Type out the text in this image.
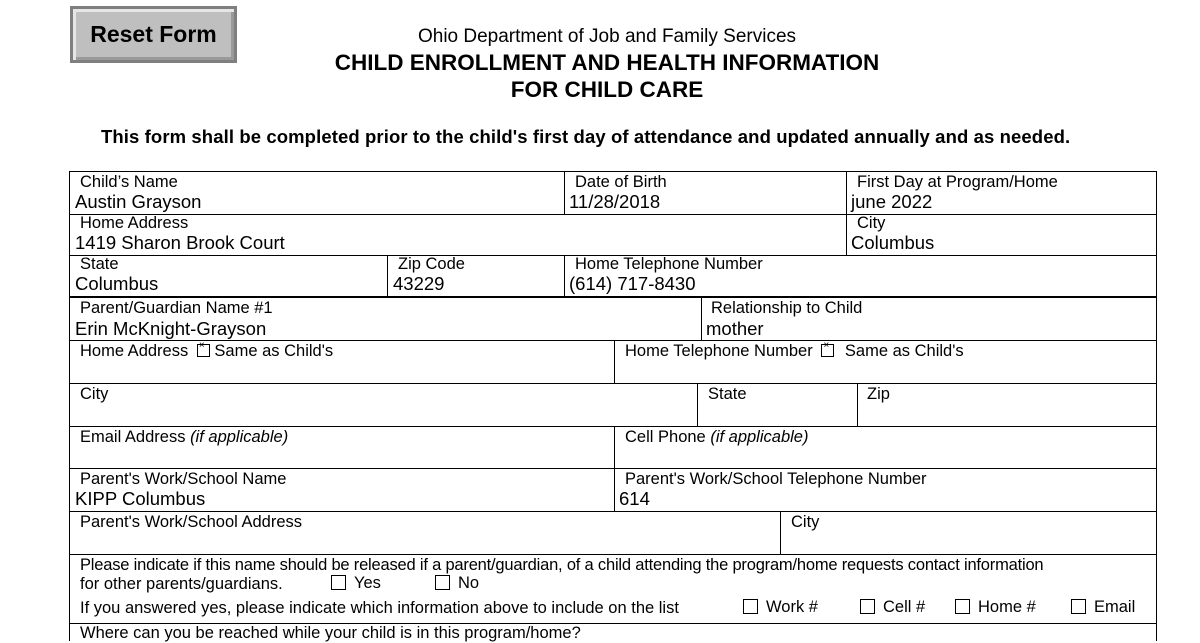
Reset Form	Ohio Department of Job and Family Services
CHILD ENROLLMENT AND HEALTH INFORMATION
FOR CHILD CARE
This form shall be completed prior to the child's first day of attendance and updated annually and as needed.
Child’s Name
Austin Grayson
Date of Birth
11/28/2018
First Day at Program/Home
june 2022
Home Address
1419 Sharon Brook Court
City
Columbus
State
Columbus
Zip Code
43229
Home Telephone Number
(614) 717-8430
Parent/Guardian Name #1
Erin McKnight-Grayson
Relationship to Child
mother
Home Address × Same as Child's	Home Telephone Number × Same as Child's
City	State	Zip
Email Address (if applicable)	Cell Phone (if applicable)
Parent's Work/School Name
KIPP Columbus
Parent's Work/School Telephone Number
614
Parent's Work/School Address	City
Please indicate if this name should be released if a parent/guardian, of a child attending the program/home requests contact information
for other parents/guardians.	Yes	No
If you answered yes, please indicate which information above to include on the list	Work #	Cell #	Home #	Email
Where can you be reached while your child is in this program/home?
